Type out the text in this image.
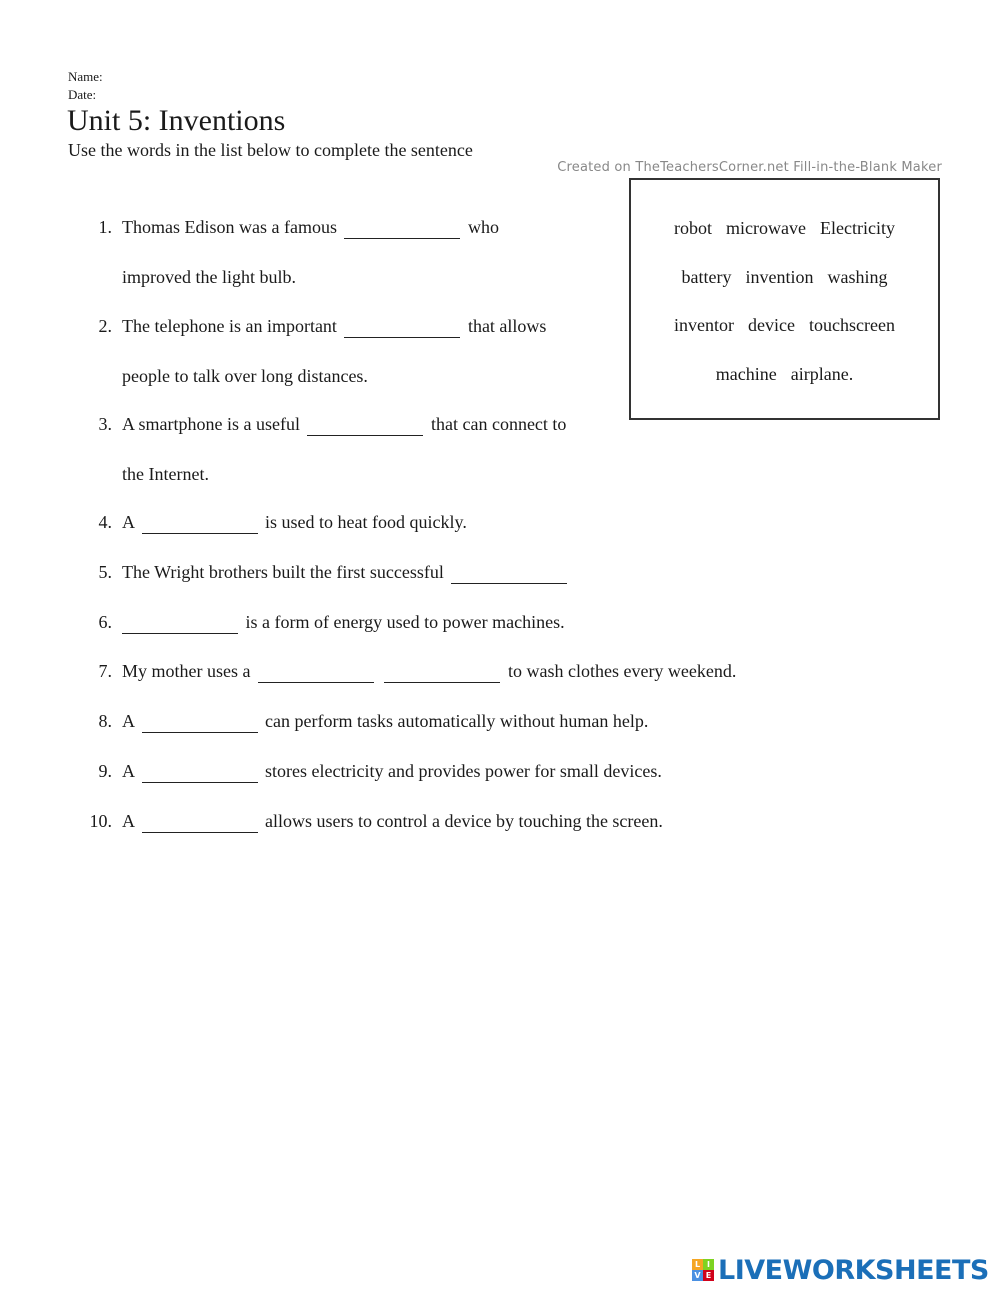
Name:
Date:
Unit 5: Inventions
Use the words in the list below to complete the sentence
Created on TheTeachersCorner.net Fill-in-the-Blank Maker
robot microwave Electricity
battery invention washing
inventor device touchscreen
machine airplane.
1. Thomas Edison was a famous	who
improved the light bulb.
2. The telephone is an important	that allows
people to talk over long distances.
3. A smartphone is a useful	that can connect to
the Internet.
4. A	is used to heat food quickly.
5. The Wright brothers built the first successful
6.	is a form of energy used to power machines.
7. My mother uses a	to wash clothes every weekend.
8. A	can perform tasks automatically without human help.
9. A	stores electricity and provides power for small devices.
10. A	allows users to control a device by touching the screen.
L I
V E LIVEWORKSHEETS
